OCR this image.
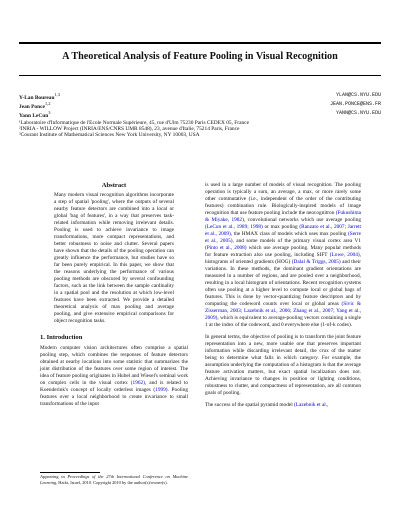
A Theoretical Analysis of Feature Pooling in Visual Recognition
Y-Lan Boureau$^{1,3}$	YLAN@CS.NYU.EDU
Jean Ponce$^{1,2}$	JEAN.PONCE@ENS.FR
Yann LeCun$^3$	YANN@CS.NYU.EDU
¹Laboratoire d'Informatique de l'Ecole Normale Supérieure, 45, rue d'Ulm 75230 Paris CEDEX 05, France
²INRIA - WILLOW Project (INRIA/ENS/CNRS UMR 8548), 23, avenue d'Italie, 75214 Paris, France
³Courant Institute of Mathematical Sciences New York University, NY 10003, USA
Abstract

Many modern visual recognition algorithms incorporate a step of spatial 'pooling', where the outputs of several nearby feature detectors are combined into a local or global 'bag of features', in a way that preserves task-related information while removing irrelevant details. Pooling is used to achieve invariance to image transformations, more compact representations, and better robustness to noise and clutter. Several papers have shown that the details of the pooling operation can greatly influence the performance, but studies have so far been purely empirical. In this paper, we show that the reasons underlying the performance of various pooling methods are obscured by several confounding factors, such as the link between the sample cardinality in a spatial pool and the resolution at which low-level features have been extracted. We provide a detailed theoretical analysis of max pooling and average pooling, and give extensive empirical comparisons for object recognition tasks.

1. Introduction

Modern computer vision architectures often comprise a spatial pooling step, which combines the responses of feature detectors obtained at nearby locations into some statistic that summarizes the joint distribution of the features over some region of interest. The idea of feature pooling originates in Hubel and Wiesel's seminal work on complex cells in the visual cortex (1962), and is related to Koenderink's concept of locally orderless images (1999). Pooling features over a local neighborhood to create invariance to small transformations of the input

Appearing in Proceedings of the 27th International Conference on Machine Learning, Haifa, Israel, 2010. Copyright 2010 by the author(s)/owner(s).

is used in a large number of models of visual recognition. The pooling operation is typically a sum, an average, a max, or more rarely some other commutative (i.e., independent of the order of the contributing features) combination rule. Biologically-inspired models of image recognition that use feature pooling include the neocognitron (Fukushima & Miyake, 1982), convolutional networks which use average pooling (LeCun et al., 1989; 1998) or max pooling (Ranzato et al., 2007; Jarrett et al., 2009), the HMAX class of models which uses max pooling (Serre et al., 2005), and some models of the primary visual cortex area V1 (Pinto et al., 2008) which use average pooling. Many popular methods for feature extraction also use pooling, including SIFT (Lowe, 2004), histograms of oriented gradients (HOG) (Dalal & Triggs, 2005) and their variations. In these methods, the dominant gradient orientations are measured in a number of regions, and are pooled over a neighborhood, resulting in a local histogram of orientations. Recent recognition systems often use pooling at a higher level to compute local or global bags of features. This is done by vector-quantizing feature descriptors and by computing the codeword counts over local or global areas (Sivic & Zisserman, 2003; Lazebnik et al., 2006; Zhang et al., 2007; Yang et al., 2009), which is equivalent to average-pooling vectors containing a single 1 at the index of the codeword, and 0 everywhere else (1-of-k codes).

In general terms, the objective of pooling is to transform the joint feature representation into a new, more usable one that preserves important information while discarding irrelevant detail, the crux of the matter being to determine what falls in which category. For example, the assumption underlying the computation of a histogram is that the average feature activation matters, but exact spatial localization does not. Achieving invariance to changes in position or lighting conditions, robustness to clutter, and compactness of representation, are all common goals of pooling.

The success of the spatial pyramid model (Lazebnik et al.,
